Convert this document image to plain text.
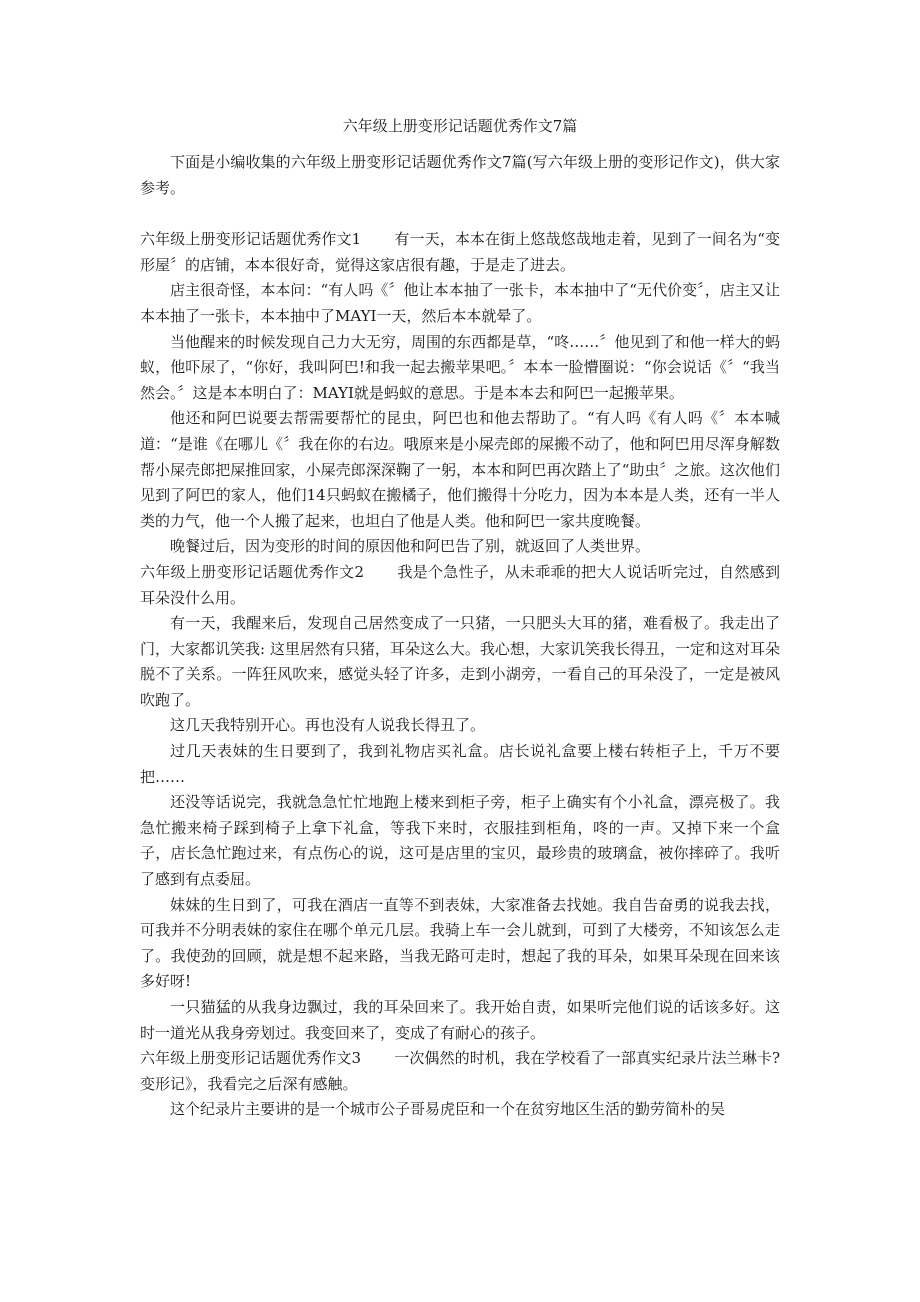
六年级上册变形记话题优秀作文7篇

下面是小编收集的六年级上册变形记话题优秀作文7篇(写六年级上册的变形记作文)，供大家参考。

六年级上册变形记话题优秀作文1 有一天，本本在街上悠哉悠哉地走着，见到了一间名为“变形屋〞的店铺，本本很好奇，觉得这家店很有趣，于是走了进去。

店主很奇怪，本本问：“有人吗《〞他让本本抽了一张卡，本本抽中了“无代价变〞，店主又让本本抽了一张卡，本本抽中了MAYI一天，然后本本就晕了。

当他醒来的时候发现自己力大无穷，周围的东西都是草，“咚……〞他见到了和他一样大的蚂蚁，他吓尿了，“你好，我叫阿巴!和我一起去搬苹果吧。〞本本一脸懵圈说：“你会说话《〞“我当然会。〞这是本本明白了：MAYI就是蚂蚁的意思。于是本本去和阿巴一起搬苹果。

他还和阿巴说要去帮需要帮忙的昆虫，阿巴也和他去帮助了。“有人吗《有人吗《〞本本喊道：“是谁《在哪儿《〞我在你的右边。哦原来是小屎壳郎的屎搬不动了，他和阿巴用尽浑身解数帮小屎壳郎把屎推回家，小屎壳郎深深鞠了一躬，本本和阿巴再次踏上了“助虫〞之旅。这次他们见到了阿巴的家人，他们14只蚂蚁在搬橘子，他们搬得十分吃力，因为本本是人类，还有一半人类的力气，他一个人搬了起来，也坦白了他是人类。他和阿巴一家共度晚餐。

晚餐过后，因为变形的时间的原因他和阿巴告了别，就返回了人类世界。

六年级上册变形记话题优秀作文2 我是个急性子，从未乖乖的把大人说话听完过，自然感到耳朵没什么用。

有一天，我醒来后，发现自己居然变成了一只猪，一只肥头大耳的猪，难看极了。我走出了门，大家都讥笑我: 这里居然有只猪，耳朵这么大。我心想，大家讥笑我长得丑，一定和这对耳朵脱不了关系。一阵狂风吹来，感觉头轻了许多，走到小湖旁，一看自己的耳朵没了，一定是被风吹跑了。

这几天我特别开心。再也没有人说我长得丑了。

过几天表妹的生日要到了，我到礼物店买礼盒。店长说礼盒要上楼右转柜子上，千万不要把……

还没等话说完，我就急急忙忙地跑上楼来到柜子旁，柜子上确实有个小礼盒，漂亮极了。我急忙搬来椅子踩到椅子上拿下礼盒，等我下来时，衣服挂到柜角，咚的一声。又掉下来一个盒子，店长急忙跑过来，有点伤心的说，这可是店里的宝贝，最珍贵的玻璃盒，被你摔碎了。我听了感到有点委屈。

妹妹的生日到了，可我在酒店一直等不到表妹，大家准备去找她。我自告奋勇的说我去找，可我并不分明表妹的家住在哪个单元几层。我骑上车一会儿就到，可到了大楼旁，不知该怎么走了。我使劲的回顾，就是想不起来路，当我无路可走时，想起了我的耳朵，如果耳朵现在回来该多好呀!

一只猫猛的从我身边飘过，我的耳朵回来了。我开始自责，如果听完他们说的话该多好。这时一道光从我身旁划过。我变回来了，变成了有耐心的孩子。

六年级上册变形记话题优秀作文3 一次偶然的时机，我在学校看了一部真实纪录片法兰琳卡?变形记》，我看完之后深有感触。

这个纪录片主要讲的是一个城市公子哥易虎臣和一个在贫穷地区生活的勤劳简朴的吴
